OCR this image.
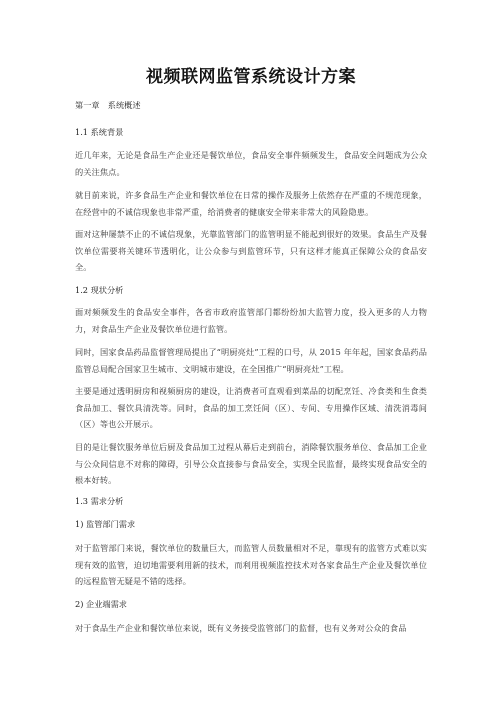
视频联网监管系统设计方案

第一章　系统概述

1.1 系统背景

近几年来，无论是食品生产企业还是餐饮单位，食品安全事件频频发生，食品安全问题成为公众的关注焦点。

就目前来说，许多食品生产企业和餐饮单位在日常的操作及服务上依然存在严重的不规范现象，在经营中的不诚信现象也非常严重，给消费者的健康安全带来非常大的风险隐患。

面对这种屡禁不止的不诚信现象，光靠监管部门的监管明显不能起到很好的效果。食品生产及餐饮单位需要将关键环节透明化，让公众参与到监管环节，只有这样才能真正保障公众的食品安全。

1.2 现状分析

面对频频发生的食品安全事件，各省市政府监管部门都纷纷加大监管力度，投入更多的人力物力，对食品生产企业及餐饮单位进行监管。

同时，国家食品药品监督管理局提出了“明厨亮灶”工程的口号，从 2015 年年起，国家食品药品监管总局配合国家卫生城市、文明城市建设，在全国推广“明厨亮灶”工程。

主要是通过透明厨房和视频厨房的建设，让消费者可直观看到菜品的切配烹饪、冷食类和生食类食品加工、餐饮具清洗等。同时，食品的加工烹饪间（区）、专间、专用操作区域、清洗消毒间（区）等也公开展示。

目的是让餐饮服务单位后厨及食品加工过程从幕后走到前台，消除餐饮服务单位、食品加工企业与公众间信息不对称的障碍，引导公众直接参与食品安全，实现全民监督，最终实现食品安全的根本好转。

1.3 需求分析

1) 监管部门需求

对于监管部门来说，餐饮单位的数量巨大，而监管人员数量相对不足，靠现有的监管方式难以实现有效的监管，迫切地需要利用新的技术，而利用视频监控技术对各家食品生产企业及餐饮单位的远程监管无疑是不错的选择。

2) 企业端需求

对于食品生产企业和餐饮单位来说，既有义务接受监管部门的监督，也有义务对公众的食品
